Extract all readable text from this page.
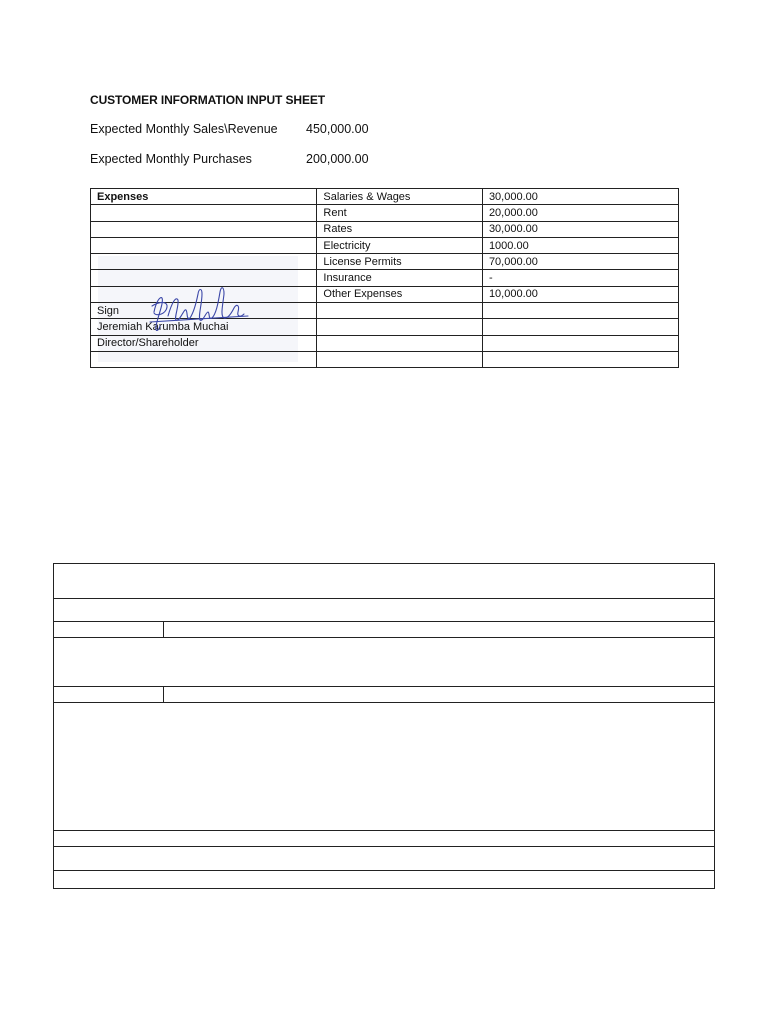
CUSTOMER INFORMATION INPUT SHEET
Expected Monthly Sales\Revenue 450,000.00
Expected Monthly Purchases	200,000.00
Expenses	Salaries & Wages	30,000.00
	Rent	20,000.00
	Rates	30,000.00
	Electricity	1000.00
	License Permits	70,000.00
	Insurance	-
	Other Expenses	10,000.00
Sign		
Jeremiah Karumba Muchai		
Director/Shareholder		
